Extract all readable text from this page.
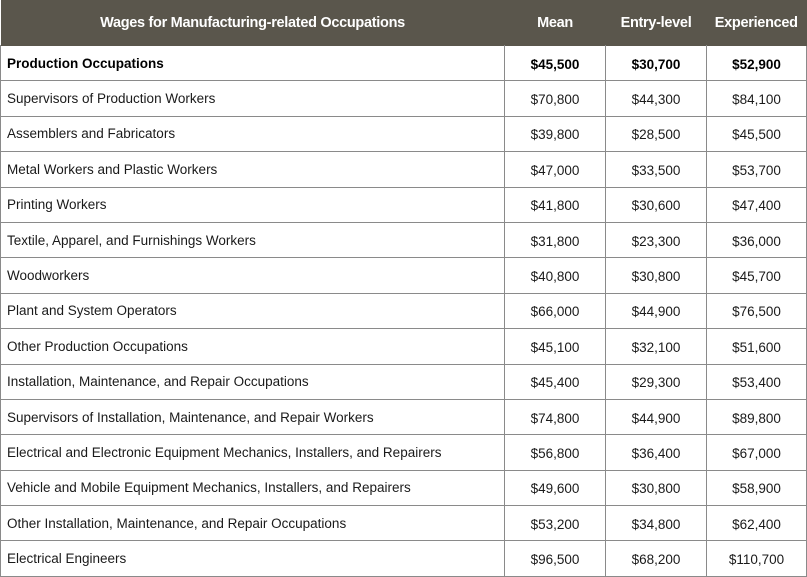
Wages for Manufacturing-related Occupations	Mean	Entry-level	Experienced
Production Occupations	$45,500	$30,700	$52,900
Supervisors of Production Workers	$70,800	$44,300	$84,100
Assemblers and Fabricators	$39,800	$28,500	$45,500
Metal Workers and Plastic Workers	$47,000	$33,500	$53,700
Printing Workers	$41,800	$30,600	$47,400
Textile, Apparel, and Furnishings Workers	$31,800	$23,300	$36,000
Woodworkers	$40,800	$30,800	$45,700
Plant and System Operators	$66,000	$44,900	$76,500
Other Production Occupations	$45,100	$32,100	$51,600
Installation, Maintenance, and Repair Occupations	$45,400	$29,300	$53,400
Supervisors of Installation, Maintenance, and Repair Workers	$74,800	$44,900	$89,800
Electrical and Electronic Equipment Mechanics, Installers, and Repairers	$56,800	$36,400	$67,000
Vehicle and Mobile Equipment Mechanics, Installers, and Repairers	$49,600	$30,800	$58,900
Other Installation, Maintenance, and Repair Occupations	$53,200	$34,800	$62,400
Electrical Engineers	$96,500	$68,200	$110,700
